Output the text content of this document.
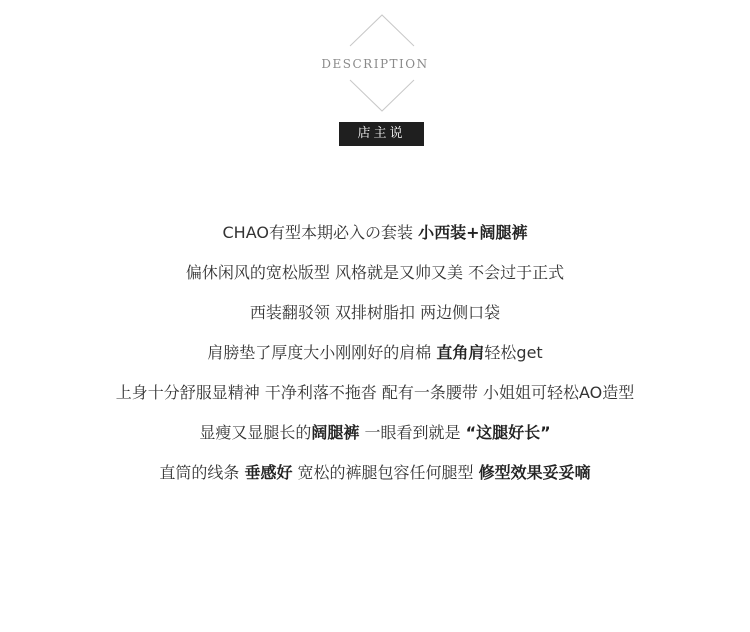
DESCRIPTION
店主说
CHAO有型本期必入の套装 小西装+阔腿裤
偏休闲风的宽松版型 风格就是又帅又美 不会过于正式
西装翻驳领 双排树脂扣 两边侧口袋
肩膀垫了厚度大小刚刚好的肩棉 直角肩轻松get
上身十分舒服显精神 干净利落不拖沓 配有一条腰带 小姐姐可轻松AO造型
显瘦又显腿长的阔腿裤 一眼看到就是 “这腿好长”
直筒的线条 垂感好 宽松的裤腿包容任何腿型 修型效果妥妥嘀
